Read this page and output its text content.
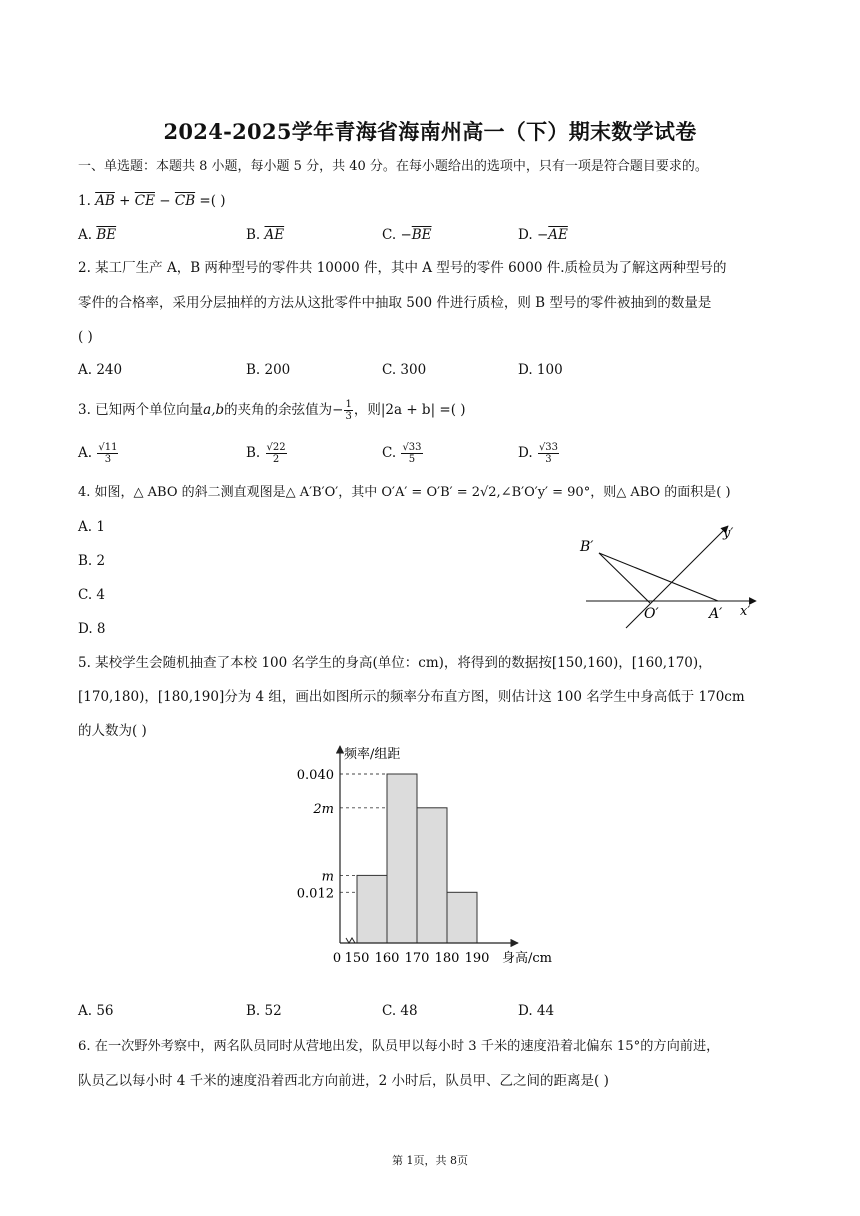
2024-2025学年青海省海南州高一（下）期末数学试卷
一、单选题：本题共 8 小题，每小题 5 分，共 40 分。在每小题给出的选项中，只有一项是符合题目要求的。
1. $\overline{AB} + \overline{CE} - \overline{CB}$ =( )
A. $\overline{BE}$	B. $\overline{AE}$	C. $-\overline{BE}$	D. $-\overline{AE}$
2. 某工厂生产 A，B 两种型号的零件共 10000 件，其中 A 型号的零件 6000 件.质检员为了解这两种型号的
零件的合格率，采用分层抽样的方法从这批零件中抽取 500 件进行质检，则 B 型号的零件被抽到的数量是
( )
A. 240	B. 200	C. 300	D. 100
3. 已知两个单位向量a,b的夹角的余弦值为− $\frac{1}{3}$ ，则|2a + b| =( )
A. $\frac{√11}{3}$	B. $\frac{√22}{2}$	C. $\frac{√33}{5}$	D. $\frac{√33}{3}$
4. 如图，△ ABO 的斜二测直观图是△ A′B′O′，其中 O′A′ = O′B′ = 2√2,∠B′O′y′ = 90°，则△ ABO 的面积是( )
A. 1
B. 2
C. 4
D. 8
B′
O′	A′ x′
y′
5. 某校学生会随机抽查了本校 100 名学生的身高(单位：cm)，将得到的数据按[150,160)，[160,170)，
[170,180)，[180,190]分为 4 组，画出如图所示的频率分布直方图，则估计这 100 名学生中身高低于 170cm
的人数为( )
频率/组距
身高/cm
0.040
2m
m
0.012
0 150 160 170 180 190
A. 56	B. 52	C. 48	D. 44
6. 在一次野外考察中，两名队员同时从营地出发，队员甲以每小时 3 千米的速度沿着北偏东 15°的方向前进，
队员乙以每小时 4 千米的速度沿着西北方向前进，2 小时后，队员甲、乙之间的距离是( )
第 1页，共 8页
